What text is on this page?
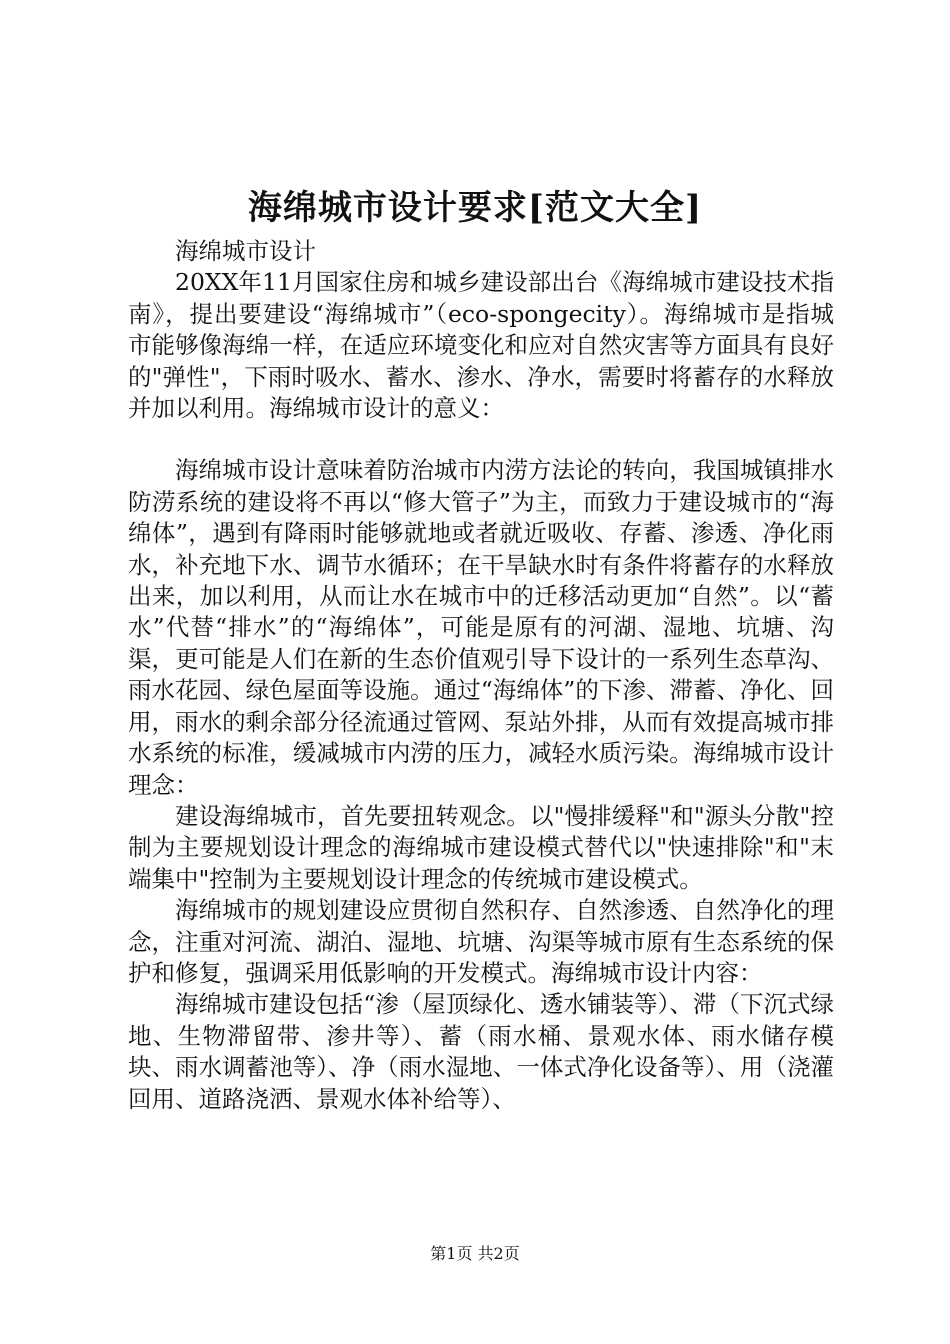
海绵城市设计要求[范文大全]

海绵城市设计

20XX年11月国家住房和城乡建设部出台《海绵城市建设技术指南》，提出要建设“海绵城市”（eco-spongecity）。海绵城市是指城市能够像海绵一样，在适应环境变化和应对自然灾害等方面具有良好的"弹性"，下雨时吸水、蓄水、渗水、净水，需要时将蓄存的水释放并加以利用。海绵城市设计的意义：

海绵城市设计意味着防治城市内涝方法论的转向，我国城镇排水防涝系统的建设将不再以“修大管子”为主，而致力于建设城市的“海绵体”，遇到有降雨时能够就地或者就近吸收、存蓄、渗透、净化雨水，补充地下水、调节水循环；在干旱缺水时有条件将蓄存的水释放出来，加以利用，从而让水在城市中的迁移活动更加“自然”。以“蓄水”代替“排水”的“海绵体”，可能是原有的河湖、湿地、坑塘、沟渠，更可能是人们在新的生态价值观引导下设计的一系列生态草沟、雨水花园、绿色屋面等设施。通过“海绵体”的下渗、滞蓄、净化、回用，雨水的剩余部分径流通过管网、泵站外排，从而有效提高城市排水系统的标准，缓减城市内涝的压力，减轻水质污染。海绵城市设计理念：

建设海绵城市，首先要扭转观念。以"慢排缓释"和"源头分散"控制为主要规划设计理念的海绵城市建设模式替代以"快速排除"和"末端集中"控制为主要规划设计理念的传统城市建设模式。

海绵城市的规划建设应贯彻自然积存、自然渗透、自然净化的理念，注重对河流、湖泊、湿地、坑塘、沟渠等城市原有生态系统的保护和修复，强调采用低影响的开发模式。海绵城市设计内容：

海绵城市建设包括“渗（屋顶绿化、透水铺装等）、滞（下沉式绿地、生物滞留带、渗井等）、蓄（雨水桶、景观水体、雨水储存模块、雨水调蓄池等）、净（雨水湿地、一体式净化设备等）、用（浇灌回用、道路浇洒、景观水体补给等）、

第1页 共2页
